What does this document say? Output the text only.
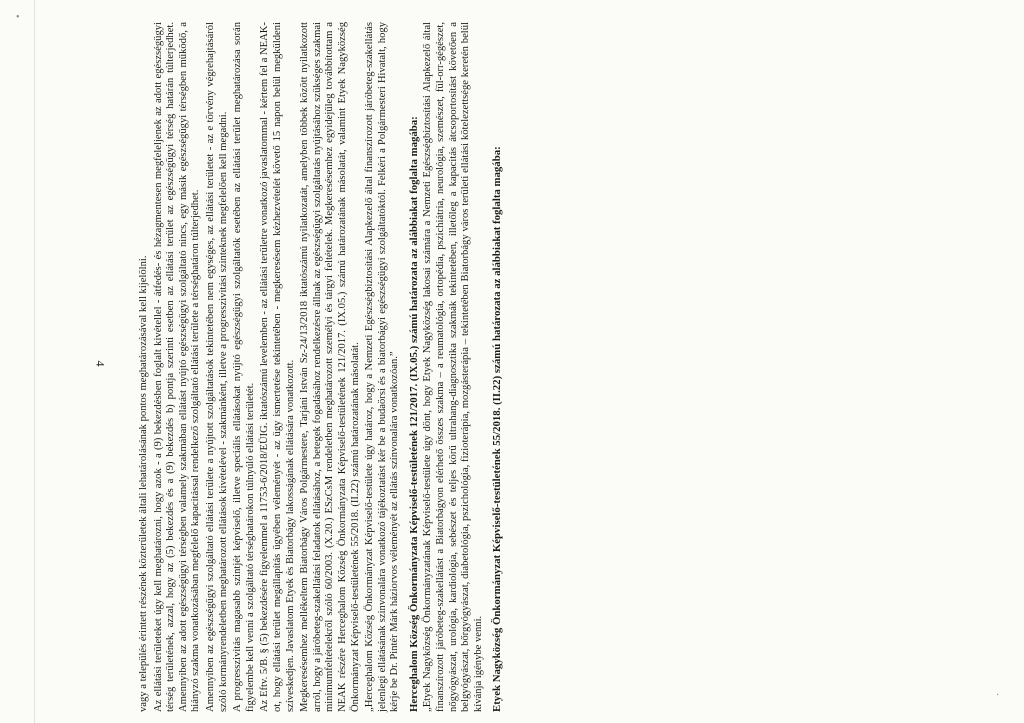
•
·
4	vagy a település érintett részének közterületek általi lehatárolásának pontos meghatározásával kell kijelölni. Az ellátási területeket úgy kell meghatározni, hogy azok - a (9) bekezdésben foglalt kivétellel - átfedés- és hézagmentesen megfeleljenek az adott egészségügyi térség területének, azzal, hogy az (5) bekezdés és a (9) bekezdés b) pontja szerinti esetben az ellátási terület az egészségügyi térség határán túlterjedhet. Amennyiben az adott egészségügyi térségben valamely szakmában ellátást nyújtó egészségügyi szolgáltató nincs, egy másik egészségügyi térségben működő, a hiányzó szakma vonatkozásában megfelelő kapacitással rendelkező szolgáltató ellátási területe a térséghatáron túlterjedhet. Amennyiben az egészségügyi szolgáltató ellátási területe a nyújtott szolgáltatások tekintetében nem egységes, az ellátási területet - az e törvény végrehajtásáról szóló kormányrendeletben meghatározott ellátások kivételével - szakmánként, illetve a progresszivitási szinteknek megfelelően kell megadni. A progresszivitás magasabb szintjét képviselő, illetve speciális ellátásokat nyújtó egészségügyi szolgáltatók esetében az ellátási terület meghatározása során figyelembe kell venni a szolgáltató térséghatárokon túlnyúló ellátási területét. Az Eftv. 5/B. § (5) bekezdésére figyelemmel a 11753-6/2018/EÜIG. iktatószámú levelemben - az ellátási területre vonatkozó javaslatommal - kértem fel a NEAK-ot, hogy ellátási terület megállapítás ügyében véleményét - az ügy ismertetése tekintetében - megkeresésem kézhezvételét követő 15 napon belül megküldeni szíveskedjen. Javaslatom Etyek és Biatorbágy lakosságának ellátására vonatkozott. Megkeresésemhez mellékeltem Biatorbágy Város Polgármestere, Tarjáni István Sz-24/13/2018 iktatószámú nyilatkozatát, amelyben többek között nyilatkozott arról, hogy a járóbeteg-szakellátási feladatok ellátásához, a betegek fogadásához rendelkezésre állnak az egészségügyi szolgáltatás nyújtásához szükséges szakmai minimumfeltételekről szóló 60/2003. (X.20.) ESzCsM rendeletben meghatározott személyi és tárgyi feltételek. Megkeresésemhez egyidejűleg továbbítottam a NEAK részére Herceghalom Község Önkormányzata Képviselő-testületének 121/2017. (IX.05.) számú határozatának másolatát, valamint Etyek Nagyközség Önkormányzat Képviselő-testületének 55/2018. (II.22) számú határozatának másolatát. „Herceghalom Község Önkormányzat Képviselő-testülete úgy határoz, hogy a Nemzeti Egészségbiztosítási Alapkezelő által finanszírozott járóbeteg-szakellátás jelenlegi ellátásának szinvonalára vonatkozó tájékoztatást kér be a budaörsi és a biatorbágyi egészségügyi szolgáltatóktól. Felkéri a Polgármesteri Hivatalt, hogy kérje be Dr. Pintér Márk háziorvos véleményét az ellátás színvonalára vonatkozóan.” Herceghalom Község Önkormányzata Képviselő-testületének 121/2017. (IX.05.) számú határozata az alábbiakat foglalta magába: „Etyek Nagyközség Önkormányzatának Képviselő-testülete úgy dönt, hogy Etyek Nagyközség lakosai számára a Nemzeti Egészségbiztosítási Alapkezelő által finanszírozott járóbeteg-szakellátást a Biatorbágyon elérhető összes szakma – a reumatológia, ortopédia, pszichiátria, neurológia, szemészet, fül-orr-gégészet, nőgyógyászat, urológia, kardiológia, sebészet és teljes körű ultrahang-diagnosztika szakmák tekintetében, illetőleg a kapacitás átcsoportosítást követően a belgyógyászat, bőrgyógyászat, diabetológia, pszichológia, fizioterápia, mozgásterápia – tekintetében Biatorbágy város területi ellátási kötelezettsége keretén belül kívánja igénybe venni. Etyek Nagyközség Önkormányzat Képviselő-testületének 55/2018. (II.22) számú határozata az alábbiakat foglalta magába:
